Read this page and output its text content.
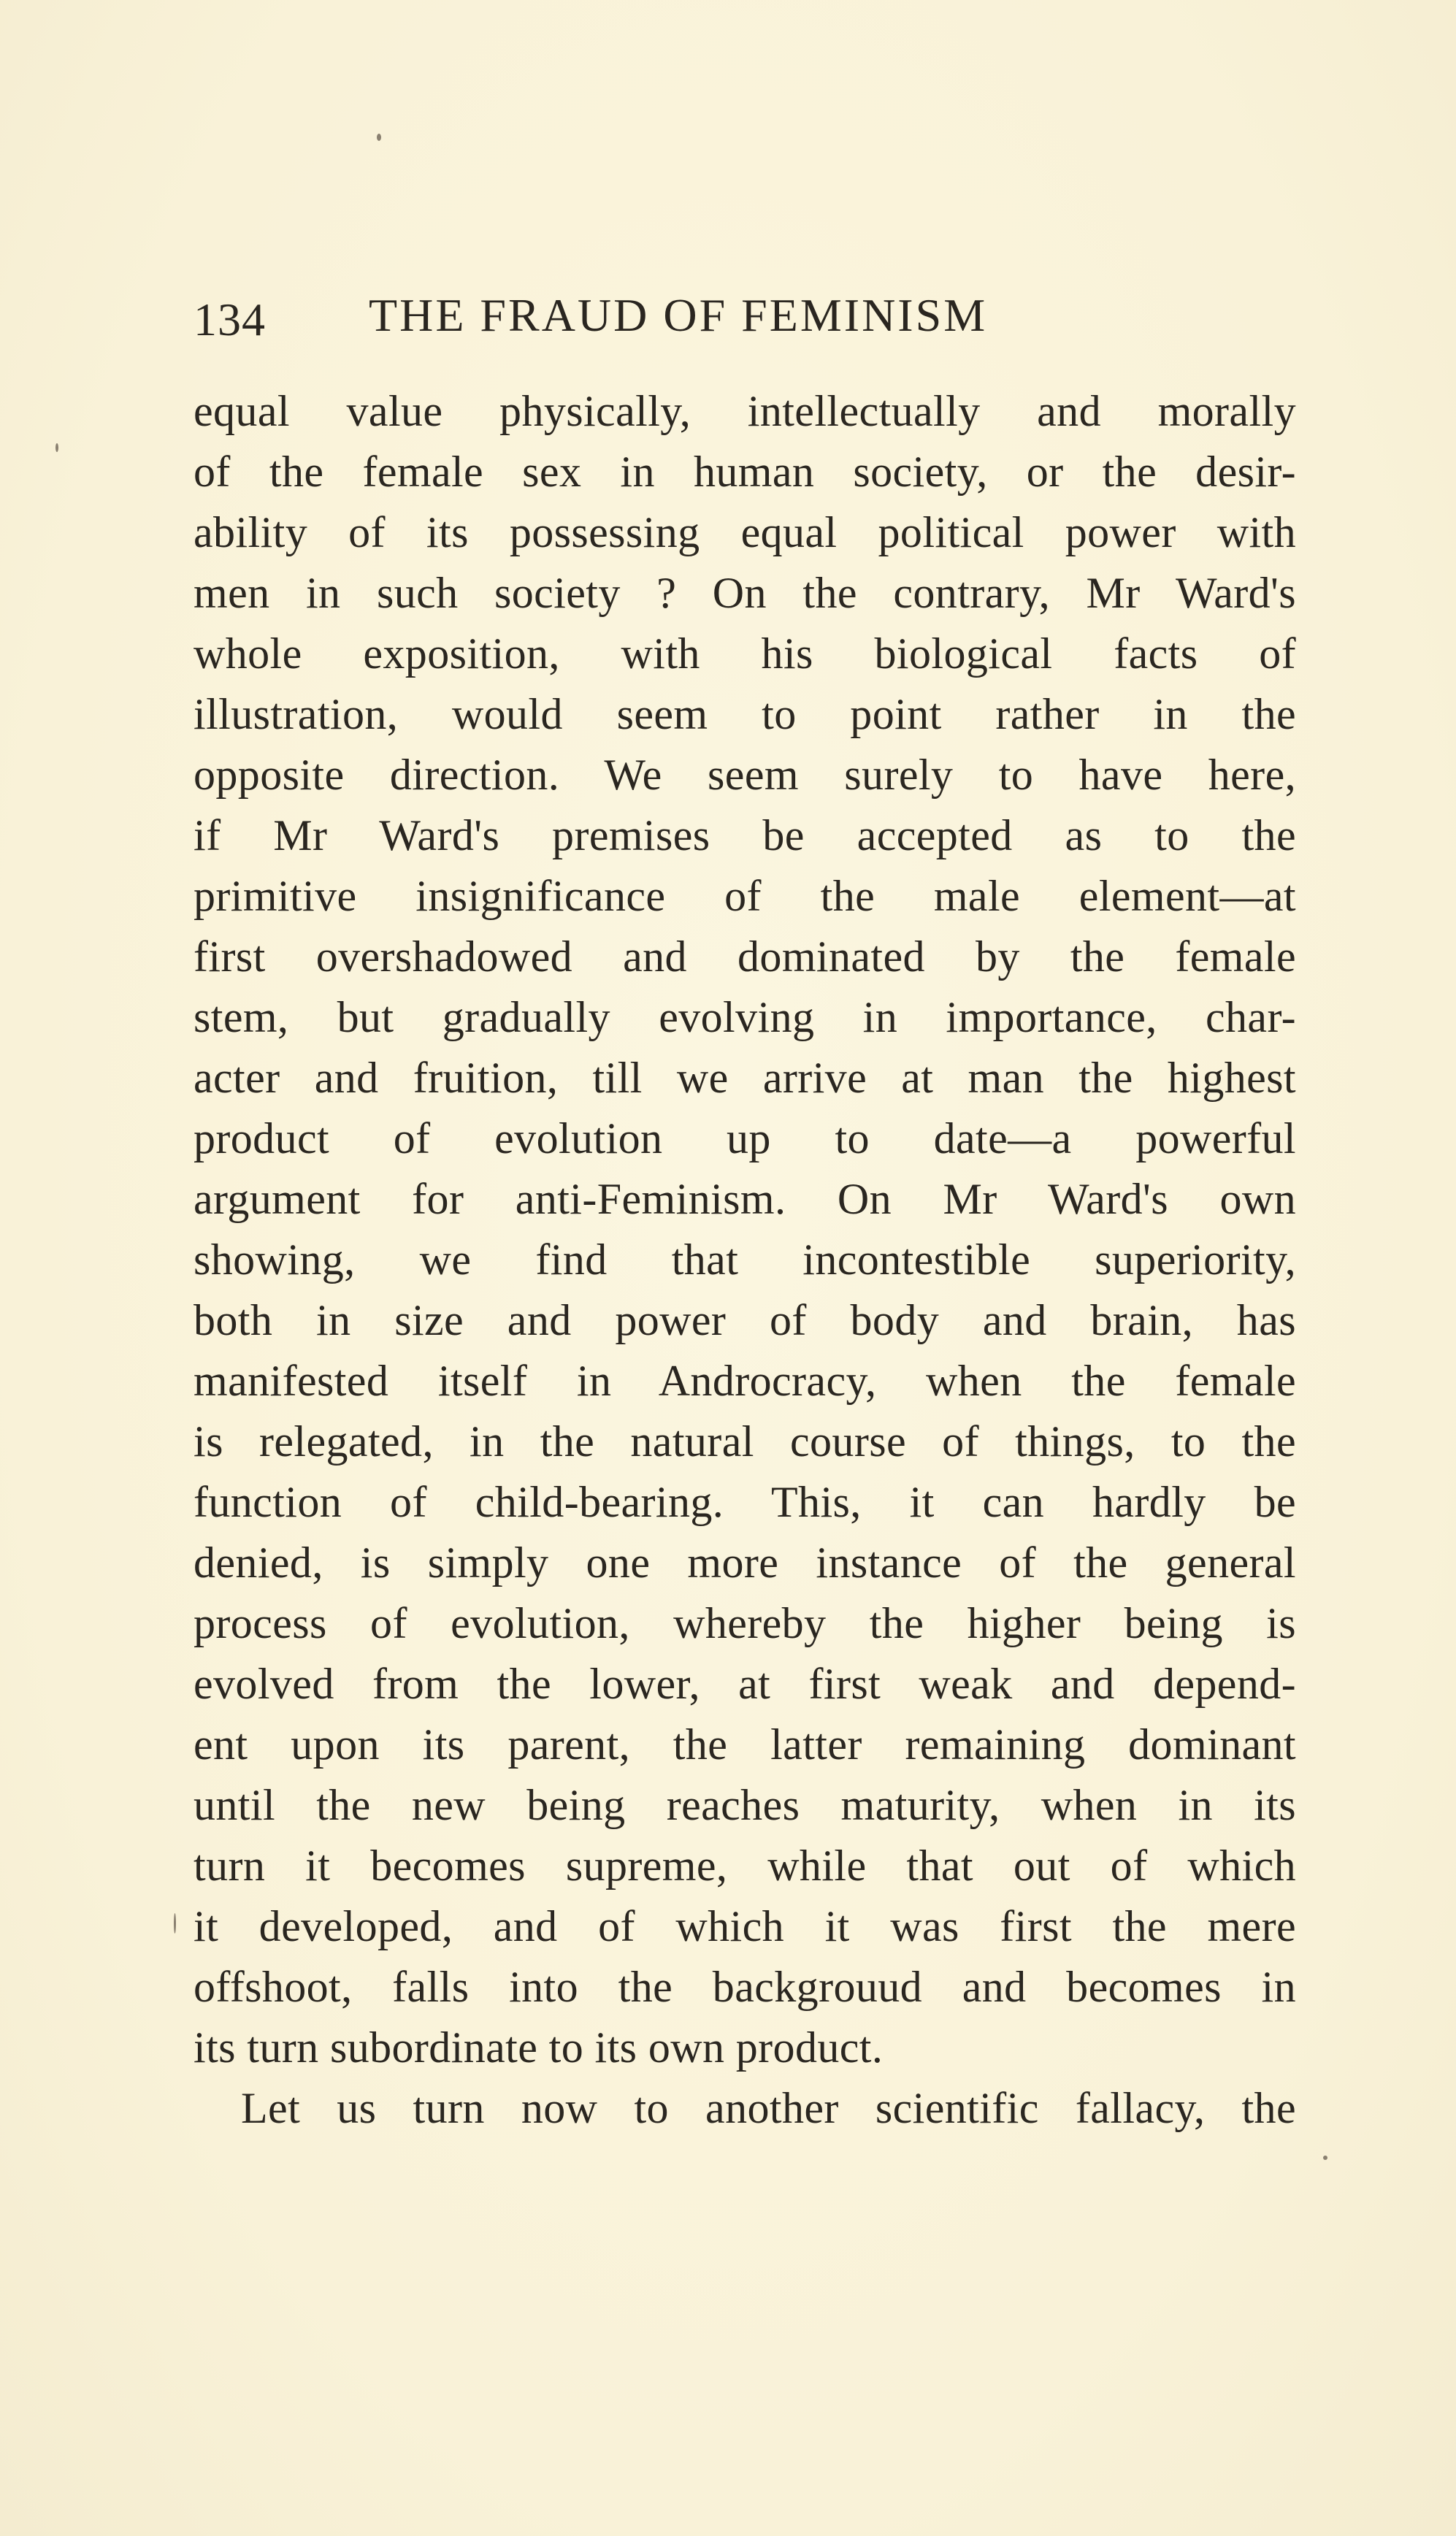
134 THE FRAUD OF FEMINISM
equal value physically, intellectually and morally
of the female sex in human society, or the desir-
ability of its possessing equal political power with
men in such society ? On the contrary, Mr Ward's
whole exposition, with his biological facts of
illustration, would seem to point rather in the
opposite direction. We seem surely to have here,
if Mr Ward's premises be accepted as to the
primitive insignificance of the male element—at
first overshadowed and dominated by the female
stem, but gradually evolving in importance, char-
acter and fruition, till we arrive at man the highest
product of evolution up to date—a powerful
argument for anti-Feminism. On Mr Ward's own
showing, we find that incontestible superiority,
both in size and power of body and brain, has
manifested itself in Androcracy, when the female
is relegated, in the natural course of things, to the
function of child-bearing. This, it can hardly be
denied, is simply one more instance of the general
process of evolution, whereby the higher being is
evolved from the lower, at first weak and depend-
ent upon its parent, the latter remaining dominant
until the new being reaches maturity, when in its
turn it becomes supreme, while that out of which
it developed, and of which it was first the mere
offshoot, falls into the backgrouud and becomes in
its turn subordinate to its own product.
Let us turn now to another scientific fallacy, the
